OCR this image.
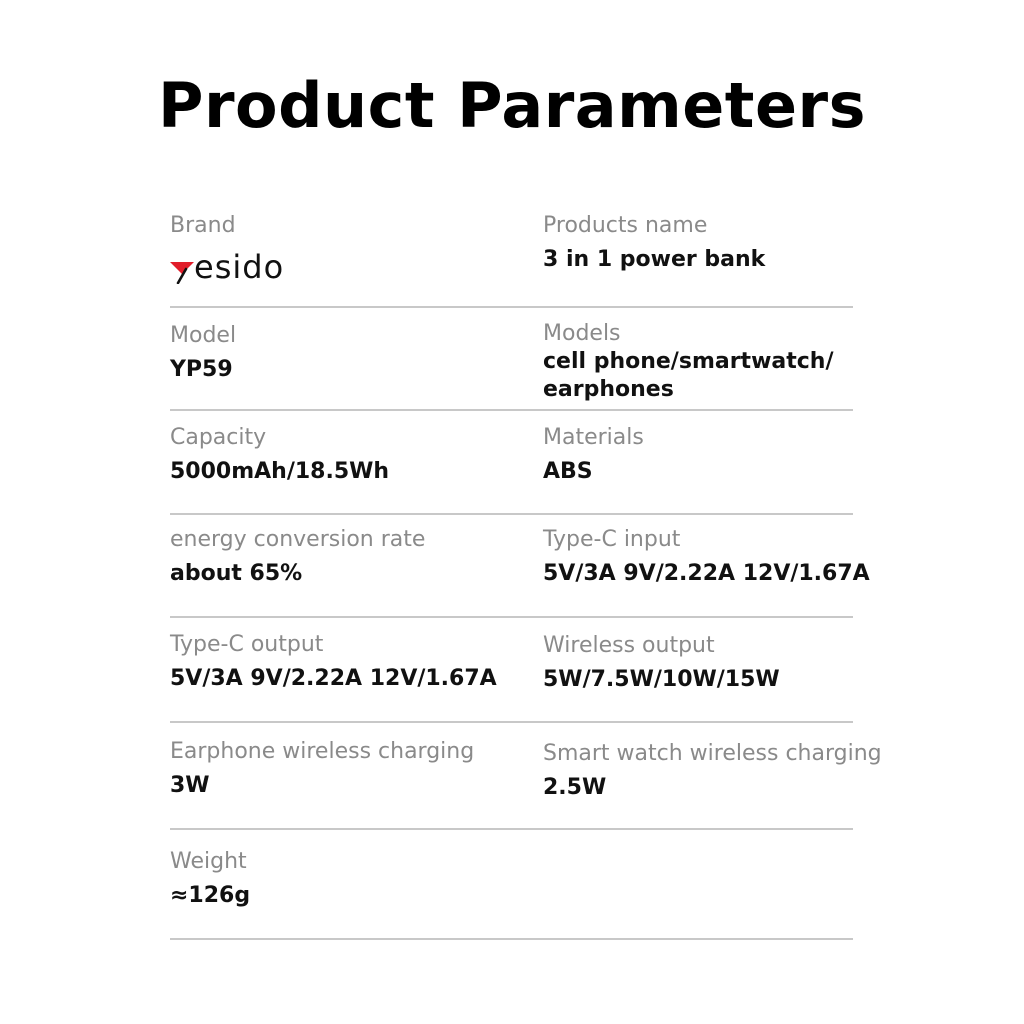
Product Parameters
Brand
esido
Products name
3 in 1 power bank
Model
YP59
Models
cell phone/smartwatch/
earphones
Capacity
5000mAh/18.5Wh
Materials
ABS
energy conversion rate
about 65%
Type-C input
5V/3A 9V/2.22A 12V/1.67A
Type-C output
5V/3A 9V/2.22A 12V/1.67A
Wireless output
5W/7.5W/10W/15W
Earphone wireless charging
3W
Smart watch wireless charging
2.5W
Weight
≈126g
